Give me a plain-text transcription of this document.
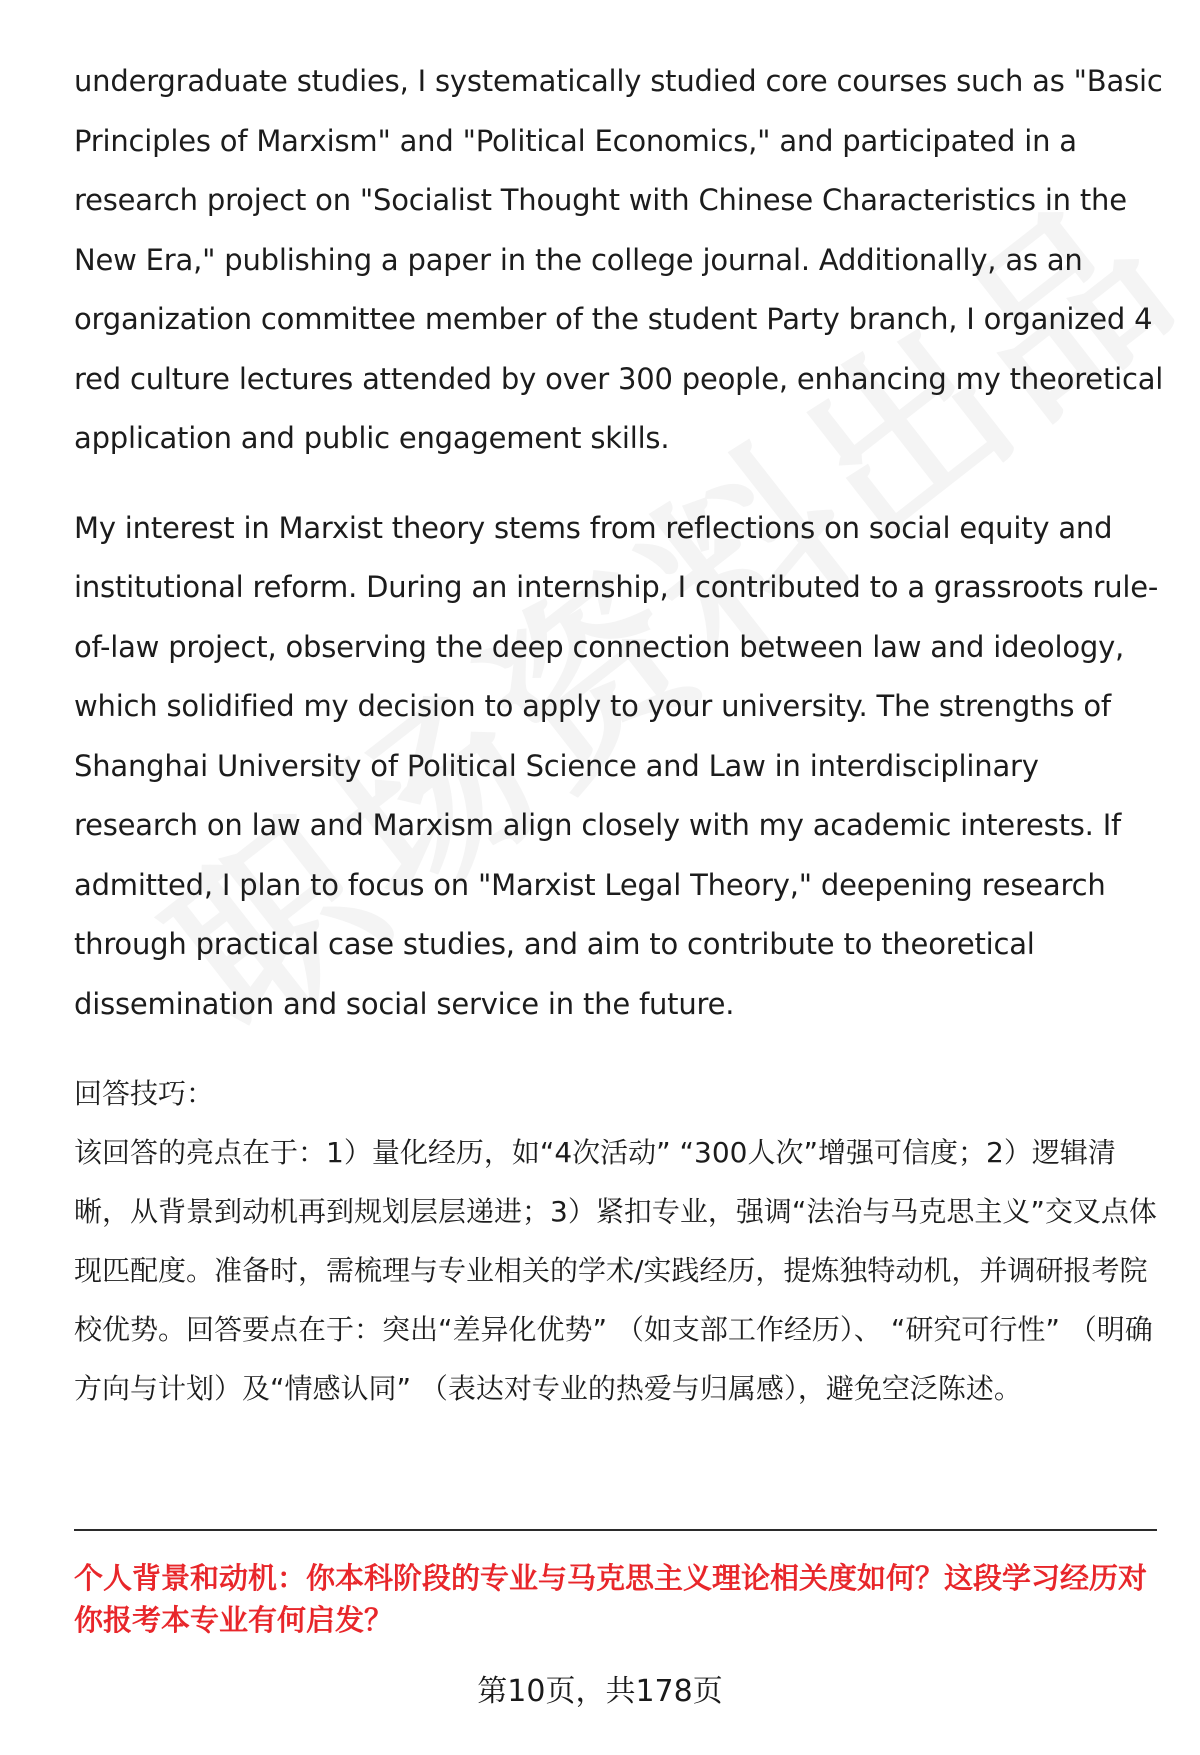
undergraduate studies, I systematically studied core courses such as "Basic Principles of Marxism" and "Political Economics," and participated in a research project on "Socialist Thought with Chinese Characteristics in the New Era," publishing a paper in the college journal. Additionally, as an organization committee member of the student Party branch, I organized 4 red culture lectures attended by over 300 people, enhancing my theoretical application and public engagement skills.

My interest in Marxist theory stems from reflections on social equity and institutional reform. During an internship, I contributed to a grassroots rule-of-law project, observing the deep connection between law and ideology, which solidified my decision to apply to your university. The strengths of Shanghai University of Political Science and Law in interdisciplinary research on law and Marxism align closely with my academic interests. If admitted, I plan to focus on "Marxist Legal Theory," deepening research through practical case studies, and aim to contribute to theoretical dissemination and social service in the future.

回答技巧：

该回答的亮点在于：1）量化经历，如“4次活动” “300人次”增强可信度；2）逻辑清晰，从背景到动机再到规划层层递进；3）紧扣专业，强调“法治与马克思主义”交叉点体现匹配度。准备时，需梳理与专业相关的学术/实践经历，提炼独特动机，并调研报考院校优势。回答要点在于：突出“差异化优势” （如支部工作经历）、 “研究可行性” （明确方向与计划）及“情感认同” （表达对专业的热爱与归属感），避免空泛陈述。

个人背景和动机：你本科阶段的专业与马克思主义理论相关度如何？这段学习经历对你报考本专业有何启发？

第10页，共178页
